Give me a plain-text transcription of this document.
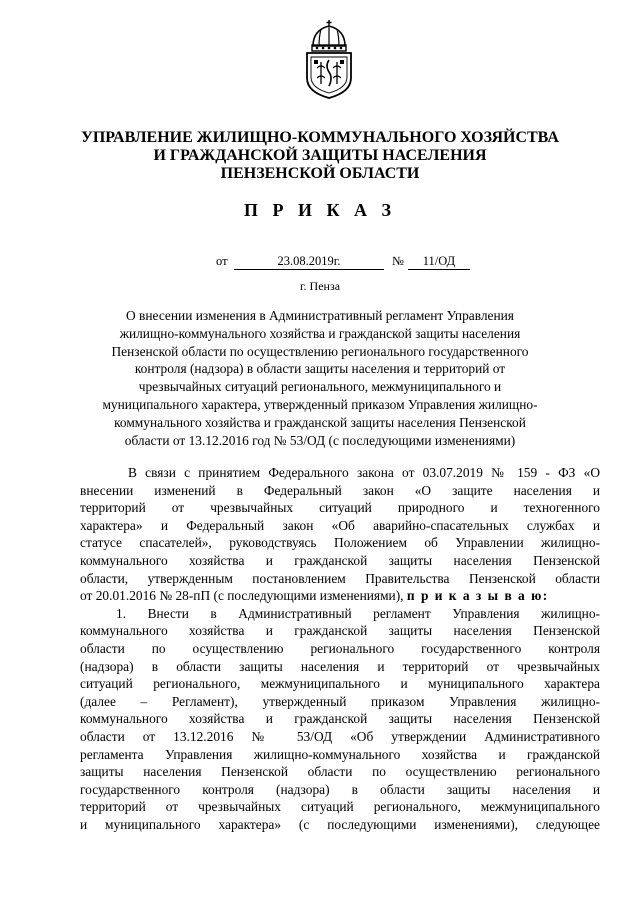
УПРАВЛЕНИЕ ЖИЛИЩНО-КОММУНАЛЬНОГО ХОЗЯЙСТВА
И ГРАЖДАНСКОЙ ЗАЩИТЫ НАСЕЛЕНИЯ
ПЕНЗЕНСКОЙ ОБЛАСТИ
П Р И К А З
от	23.08.2019г.	№	11/ОД
г. Пенза
О внесении изменения в Административный регламент Управления
жилищно-коммунального хозяйства и гражданской защиты населения
Пензенской области по осуществлению регионального государственного
контроля (надзора) в области защиты населения и территорий от
чрезвычайных ситуаций регионального, межмуниципального и
муниципального характера, утвержденный приказом Управления жилищно-
коммунального хозяйства и гражданской защиты населения Пензенской
области от 13.12.2016 год № 53/ОД (с последующими изменениями)
В связи с принятием Федерального закона от 03.07.2019 № 159 - ФЗ «О
внесении изменений в Федеральный закон «О защите населения и
территорий от чрезвычайных ситуаций природного и техногенного
характера» и Федеральный закон «Об аварийно-спасательных службах и
статусе спасателей», руководствуясь Положением об Управлении жилищно-
коммунального хозяйства и гражданской защиты населения Пензенской
области, утвержденным постановлением Правительства Пензенской области
от 20.01.2016 № 28-пП (с последующими изменениями), п р и к а з ы в а ю:
1. Внести в Административный регламент Управления жилищно-
коммунального хозяйства и гражданской защиты населения Пензенской
области по осуществлению регионального государственного контроля
(надзора) в области защиты населения и территорий от чрезвычайных
ситуаций регионального, межмуниципального и муниципального характера
(далее – Регламент), утвержденный приказом Управления жилищно-
коммунального хозяйства и гражданской защиты населения Пензенской
области от 13.12.2016 № 53/ОД «Об утверждении Административного
регламента Управления жилищно-коммунального хозяйства и гражданской
защиты населения Пензенской области по осуществлению регионального
государственного контроля (надзора) в области защиты населения и
территорий от чрезвычайных ситуаций регионального, межмуниципального
и муниципального характера» (с последующими изменениями), следующее
